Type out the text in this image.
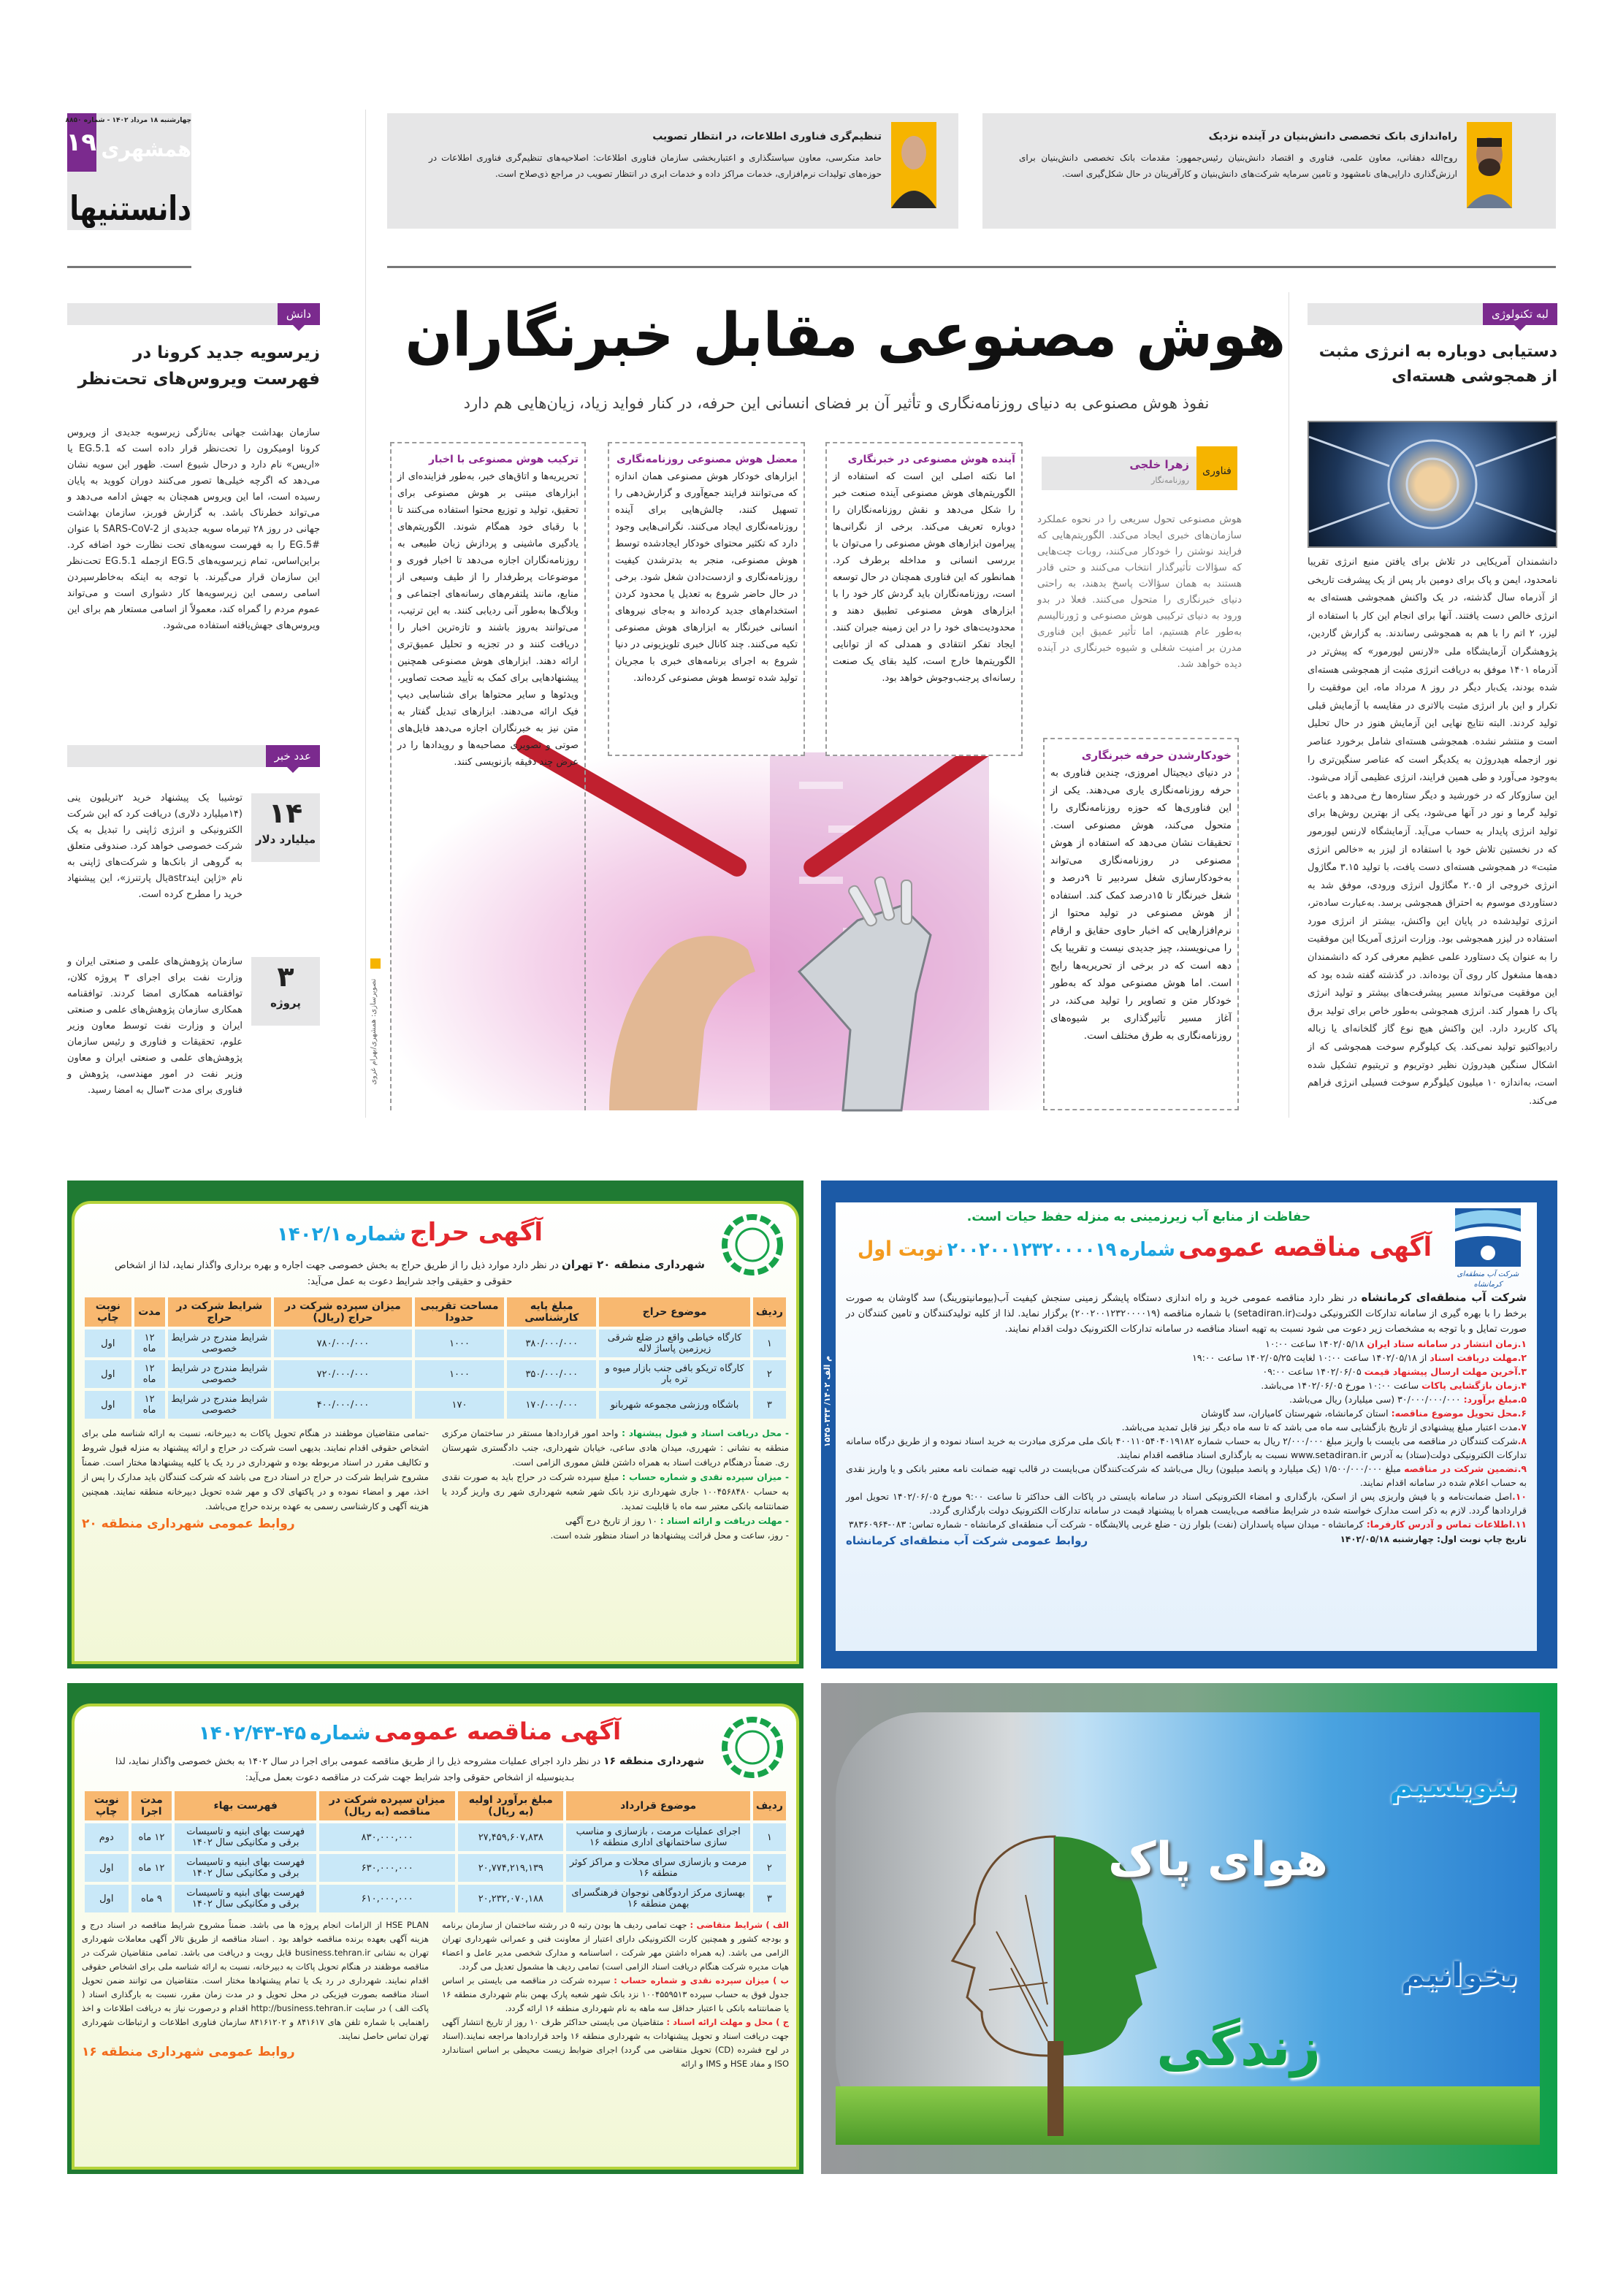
۱۹
چهارشنبه ۱۸ مرداد ۱۴۰۲ - شماره ۸۸۵۰
همشهری
دانستنیها
راه‌اندازی بانک تخصصی دانش‌بنیان در آینده نزدیک
روح‌الله دهقانی، معاون علمی، فناوری و اقتصاد دانش‌بنیان رئیس‌جمهور: مقدمات بانک تخصصی دانش‌بنیان برای ارزش‌گذاری دارایی‌های نامشهود و تامین سرمایه شرکت‌های دانش‌بنیان و کارآفرینان در حال شکل‌گیری است.
تنظیم‌گری فناوری اطلاعات، در انتظار تصویب
حامد منکرسی، معاون سیاستگذاری و اعتباربخشی سازمان فناوری اطلاعات: اصلاحیه‌های تنظیم‌گری فناوری اطلاعات در حوزه‌های تولیدات نرم‌افزاری، خدمات مراکز داده و خدمات ابری در انتظار تصویب در مراجع ذی‌صلاح است.
دانش
زیرسویه جدید کرونا در فهرست ویروس‌های تحت‌نظر
سازمان بهداشت جهانی به‌تازگی زیرسویه جدیدی از ویروس کرونا اومیکرون را تحت‌نظر قرار داده است که EG.5.1 یا «اریس» نام دارد و درحال شیوع است. ظهور این سویه نشان می‌دهد که اگرچه خیلی‌ها تصور می‌کنند دوران کووید به پایان رسیده است، اما این ویروس همچنان به جهش ادامه می‌دهد و می‌تواند خطرناک باشد. به گزارش فوربز، سازمان بهداشت جهانی در روز ۲۸ تیرماه سویه جدیدی از SARS-CoV-2 با عنوان EG.5# را به فهرست سویه‌های تحت نظارت خود اضافه کرد. براین‌اساس، تمام زیرسویه‌های EG.5 ازجمله EG.5.1 تحت‌نظر این سازمان قرار می‌گیرند. با توجه به اینکه به‌خاطرسپردن اسامی رسمی این زیرسویه‌ها کار دشواری است و می‌تواند عموم مردم را گمراه کند، معمولاً از اسامی مستعار هم برای این ویروس‌های جهش‌یافته استفاده می‌شود.
عدد خبر
۱۴
میلیارد دلار
توشیبا یک پیشنهاد خرید ۲تریلیون ینی (۱۴میلیارد دلاری) دریافت کرد که این شرکت الکترونیکی و انرژی ژاپنی را تبدیل به یک شرکت خصوصی خواهد کرد. صندوقی متعلق به گروهی از بانک‌ها و شرکت‌های ژاپنی به نام «ژاپن ایندastrیال پارتنرز»، این پیشنهاد خرید را مطرح کرده است.
۳
پروژه
سازمان پژوهش‌های علمی و صنعتی ایران و وزارت نفت برای اجرای ۳ پروژه کلان، توافقنامه همکاری امضا کردند. توافقنامه همکاری سازمان پژوهش‌های علمی و صنعتی ایران و وزارت نفت توسط معاون وزیر علوم، تحقیقات و فناوری و رئیس سازمان پژوهش‌های علمی و صنعتی ایران و معاون وزیر نفت در امور مهندسی، پژوهش و فناوری برای مدت ۳سال به امضا رسید.
هوش مصنوعی مقابل خبرنگاران
نفوذ هوش مصنوعی به دنیای روزنامه‌نگاری و تأثیر آن بر فضای انسانی این حرفه، در کنار فواید زیاد، زیان‌هایی هم دارد
فناوری
زهرا خلجی
روزنامه‌نگار
هوش مصنوعی تحول سریعی را در نحوه عملکرد سازمان‌های خبری ایجاد می‌کند. الگوریتم‌هایی که فرایند نوشتن را خودکار می‌کنند، روبات چت‌هایی که سؤالات تأثیرگذار انتخاب می‌کنند و حتی قادر هستند به همان سؤالات پاسخ بدهند، به راحتی دنیای خبرنگاری را متحول می‌کنند. فعلا در بدو ورود به دنیای ترکیبی هوش مصنوعی و ژورنالیسم به‌طور عام هستیم، اما تأثیر عمیق این فناوری مدرن بر امنیت شغلی و شیوه خبرنگاری در آینده دیده خواهد شد.
تصویرسازی: همشهری/بهرام غروی
آینده هوش مصنوعی در خبرنگاری
اما نکته اصلی این است که استفاده از الگوریتم‌های هوش مصنوعی آینده صنعت خبر را شکل می‌دهد و نقش روزنامه‌نگاران را دوباره تعریف می‌کند. برخی از نگرانی‌ها پیرامون ابزارهای هوش مصنوعی را می‌توان با بررسی انسانی و مداخله برطرف کرد. همانطور که این فناوری همچنان در حال توسعه است، روزنامه‌نگاران باید گردش کار خود را با ابزارهای هوش مصنوعی تطبیق دهند و محدودیت‌های خود را در این زمینه جبران کنند. ایجاد تفکر انتقادی و همدلی که از توانایی الگوریتم‌ها خارج است، کلید بقای یک صنعت رسانه‌ای پرجنب‌وجوش خواهد بود.
معضل هوش مصنوعی روزنامه‌نگاری
ابزارهای خودکار هوش مصنوعی همان اندازه که می‌توانند فرایند جمع‌آوری و گزارش‌دهی را تسهیل کنند، چالش‌هایی برای آینده روزنامه‌نگاری ایجاد می‌کنند. نگرانی‌هایی وجود دارد که تکثیر محتوای خودکار ایجادشده توسط هوش مصنوعی، منجر به بدترشدن کیفیت روزنامه‌نگاری و ازدست‌دادن شغل شود. برخی در حال حاضر شروع به تعدیل یا محدود کردن استخدام‌های جدید کرده‌اند و به‌جای نیروهای انسانی خبرنگار به ابزارهای هوش مصنوعی تکیه می‌کنند. چند کانال خبری تلویزیونی در دنیا شروع به اجرای برنامه‌های خبری با مجریان تولید شده توسط هوش مصنوعی کرده‌اند.
ترکیب هوش مصنوعی با اخبار
تحریریه‌ها و اتاق‌های خبر، به‌طور فزاینده‌ای از ابزارهای مبتنی بر هوش مصنوعی برای تحقیق، تولید و توزیع محتوا استفاده می‌کنند تا با رقبای خود همگام شوند. الگوریتم‌های یادگیری ماشینی و پردازش زبان طبیعی به روزنامه‌نگاران اجازه می‌دهد تا اخبار فوری و موضوعات پرطرفدار را از طیف وسیعی از منابع، مانند پلتفرم‌های رسانه‌های اجتماعی و وبلاگ‌ها به‌طور آنی ردیابی کنند. به این ترتیب، می‌توانند به‌روز باشند و تازه‌ترین اخبار را دریافت کنند و در تجزیه و تحلیل عمیق‌تری ارائه دهند. ابزارهای هوش مصنوعی همچنین پیشنهادهایی برای کمک به تأیید صحت تصاویر، ویدئوها و سایر محتواها برای شناسایی دیپ فیک ارائه می‌دهند. ابزارهای تبدیل گفتار به متن نیز به خبرنگاران اجازه می‌دهد فایل‌های صوتی و تصویری مصاحبه‌ها و رویدادها را در عرض چند دقیقه بازنویسی کنند.
خودکارشدن حرفه خبرنگاری
در دنیای دیجیتال امروزی، چندین فناوری به حرفه روزنامه‌نگاری یاری می‌دهند. یکی از این فناوری‌ها که حوزه روزنامه‌نگاری را متحول می‌کند، هوش مصنوعی است. تحقیقات نشان می‌دهد که استفاده از هوش مصنوعی در روزنامه‌نگاری می‌تواند به‌خودکارسازی شغل سردبیر تا ۹درصد و شغل خبرنگار تا ۱۵درصد کمک کند. استفاده از هوش مصنوعی در تولید محتوا از نرم‌افزارهایی که اخبار حاوی حقایق و ارقام را می‌نویسند، چیز جدیدی نیست و تقریبا یک دهه است که در برخی از تحریریه‌ها رایج است. اما هوش مصنوعی مولد که به‌طور خودکار متن و تصاویر را تولید می‌کند، در آغاز مسیر تأثیرگذاری بر شیوه‌های روزنامه‌نگاری به طرق مختلف است.
لبه تکنولوژی
دستیابی دوباره به انرژی مثبت از همجوشی هسته‌ای
دانشمندان آمریکایی در تلاش برای یافتن منبع انرژی تقریبا نامحدود، ایمن و پاک برای دومین بار پس از یک پیشرفت تاریخی از آذرماه سال گذشته، در یک واکنش همجوشی هسته‌ای به انرژی خالص دست یافتند. آنها برای انجام این کار با استفاده از لیزر، ۲ اتم را با هم به همجوشی رساندند. به گزارش گاردین، پژوهشگران آزمایشگاه ملی «لارنس لیورمور» که پیش‌تر در آذرماه ۱۴۰۱ موفق به دریافت انرژی مثبت از همجوشی هسته‌ای شده بودند، یک‌بار دیگر در روز ۸ مرداد ماه، این موفقیت را تکرار و این بار انرژی مثبت بالاتری در مقایسه با آزمایش قبلی تولید کردند. البته نتایج نهایی این آزمایش هنوز در حال تحلیل است و منتشر نشده. همجوشی هسته‌ای شامل برخورد عناصر نور ازجمله هیدروژن به یکدیگر است که عناصر سنگین‌تری را به‌وجود می‌آورد و طی همین فرایند، انرژی عظیمی آزاد می‌شود. این سازوکار که در خورشید و دیگر ستاره‌ها رخ می‌دهد و باعث تولید گرما و نور در آنها می‌شود، یکی از بهترین روش‌ها برای تولید انرژی پایدار به حساب می‌آید. آزمایشگاه لارنس لیورمور که در نخستین تلاش خود با استفاده از لیزر به «خالص انرژی مثبت» در همجوشی هسته‌ای دست یافت، با تولید ۳.۱۵ مگاژول انرژی خروجی از ۲.۰۵ مگاژول انرژی ورودی، موفق شد به دستاوردی موسوم به احتراق همجوشی برسد. به‌عبارت ساده‌تر، انرژی تولیدشده در پایان این واکنش، بیشتر از انرژی مورد استفاده در لیزر همجوشی بود. وزارت انرژی آمریکا این موفقیت را به عنوان یک دستاورد علمی عظیم معرفی کرد که دانشمندان دهه‌ها مشغول کار روی آن بوده‌اند. در گذشته گفته شده بود که این موفقیت می‌تواند مسیر پیشرفت‌های بیشتر و تولید انرژی پاک را هموار کند. انرژی همجوشی به‌طور خاص برای تولید برق پاک کاربرد دارد. این واکنش هیچ نوع گاز گلخانه‌ای یا زباله رادیواکتیو تولید نمی‌کند. یک کیلوگرم سوخت همجوشی که از اشکال سنگین هیدروژن نظیر دوتریوم و تریتیوم تشکیل شده است، به‌اندازه ۱۰ میلیون کیلوگرم سوخت فسیلی انرژی فراهم می‌کند.
م الف ۱۴۰۲/ ۱۵۴۵۰۳۴۳
شرکت آب منطقه‌ای کرمانشاه
حفاظت از منابع آب زیرزمینی به منزله حفظ حیات است.
آگهی مناقصه عمومی شماره ۲۰۰۲۰۰۱۲۳۲۰۰۰۰۱۹ نوبت اول
شرکت آب منطقه‌ای کرمانشاه در نظر دارد مناقصه عمومی خرید و راه اندازی دستگاه پایشگر زمینی سنجش کیفیت آب(بیومانیتورینگ) سد گاوشان به صورت برخط را با بهره گیری از سامانه تدارکات الکترونیکی دولت(setadiran.ir) با شماره مناقصه (۲۰۰۲۰۰۱۲۳۲۰۰۰۰۱۹) برگزار نماید. لذا از کلیه تولیدکنندگان و تامین کنندگان در صورت تمایل و با توجه به مشخصات زیر دعوت می شود نسبت به تهیه اسناد مناقصه در سامانه تدارکات الکترونیک دولت اقدام نمایند.
۱.زمان انتشار در سامانه ستاد ایران ۱۴۰۲/۰۵/۱۸ ساعت ۱۰:۰۰
۲.مهلت دریافت اسناد از ۱۴۰۲/۰۵/۱۸ ساعت ۱۰:۰۰ لغایت ۱۴۰۲/۰۵/۲۵ ساعت ۱۹:۰۰
۳.آخرین مهلت ارسال پیشنهاد قیمت ۱۴۰۲/۰۶/۰۵ ساعت ۰۹:۰۰
۴.زمان بازگشایی پاکات ساعت ۱۰:۰۰ مورخ ۱۴۰۲/۰۶/۰۵ می‌باشد.
۵.مبلغ برآورد: ۳۰/۰۰۰/۰۰۰/۰۰۰ (سی میلیارد) ریال می‌باشد.
۶.محل تحویل موضوع مناقصه: استان کرمانشاه، شهرستان کامیاران، سد گاوشان
۷.مدت اعتبار مبلغ پیشنهادی از تاریخ بازگشایی سه ماه می باشد که تا سه ماه دیگر نیز قابل تمدید می‌باشد.
۸.شرکت کنندگان در مناقصه می بایست با واریز مبلغ ۲/۰۰۰/۰۰۰ ریال به حساب شماره ۴۰۰۱۱۰۵۴۰۴۰۱۹۱۸۲ بانک ملی مرکزی مبادرت به خرید اسناد نموده و از طریق درگاه سامانه تدارکات الکترونیکی دولت(ستاد) به آدرس www.setadiran.ir نسبت به بارگذاری اسناد مناقصه اقدام نمایند.
۹.تضمین شرکت در مناقصه مبلغ ۱/۵۰۰/۰۰۰/۰۰۰ (یک میلیارد و پانصد میلیون) ریال می‌باشد که شرکت‌کنندگان می‌بایست در قالب تهیه ضمانت نامه معتبر بانکی و یا واریز نقدی به حساب اعلام شده در سامانه اقدام نمایند.
۱۰.اصل ضمانت‌نامه و یا فیش واریزی پس از اسکن، بارگذاری و امضاء الکترونیکی اسناد در سامانه بایستی در پاکات الف حداکثر تا ساعت ۹:۰۰ مورخ ۱۴۰۲/۰۶/۰۵ تحویل امور قراردادها گردد. لازم به ذکر است مدارک خواسته شده در شرایط مناقصه می‌بایست همراه با پیشنهاد قیمت در سامانه تدارکات الکترونیک دولت بارگذاری گردد.
۱۱.اطلاعات تماس و آدرس کارفرما: کرمانشاه - میدان سپاه پاسداران (نفت) بلوار زن - ضلع غربی پالایشگاه - شرکت آب منطقه‌ای کرمانشاه - شماره تماس: ۰۸۳-۳۸۳۶۰۹۶۴
تاریخ چاپ نوبت اول: چهارشنبه ۱۴۰۲/۰۵/۱۸
روابط عمومی شرکت آب منطقه‌ای کرمانشاه
آگهی حراج شماره ۱۴۰۲/۱
شهرداری منطقه ۲۰ تهران در نظر دارد موارد ذیل را از طریق حراج به بخش خصوصی جهت اجاره و بهره برداری واگذار نماید، لذا از اشخاص حقوقی و حقیقی واجد شرایط دعوت به عمل می‌آید:
ردیف	موضوع حراج	مبلغ پایه کارشناسی	مساحت تقریبی حدودا	میزان سپرده شرکت در حراج (ریال)	شرایط شرکت در حراج	مدت	نوبت چاپ
۱	کارگاه خیاطی واقع در ضلع شرقی زیرزمین پاساژ لاله	۳۸۰/۰۰۰/۰۰۰	۱۰۰۰	۷۸۰/۰۰۰/۰۰۰	شرایط مندرج در شرایط خصوصی	۱۲ ماه	اول
۲	کارگاه تریکو بافی جنب بازار میوه و تره بار	۳۵۰/۰۰۰/۰۰۰	۱۰۰۰	۷۲۰/۰۰۰/۰۰۰	شرایط مندرج در شرایط خصوصی	۱۲ ماه	اول
۳	باشگاه ورزشی مجموعه شهربانو	۱۷۰/۰۰۰/۰۰۰	۱۷۰	۴۰۰/۰۰۰/۰۰۰	شرایط مندرج در شرایط خصوصی	۱۲ ماه	اول
- محل دریافت اسناد و قبول پیشنهاد : واحد امور قراردادها مستقر در ساختمان مرکزی منطقه به نشانی : شهرری، میدان هادی ساعی، خیابان شهرداری، جنب دادگستری شهرستان ری. ضمناً درهنگام دریافت اسناد به همراه داشتن فلش مموری الزامی است.
- میزان سپرده نقدی و شماره حساب : مبلغ سپرده شرکت در حراج باید به صورت نقدی به حساب ۱۰۰۴۵۶۸۴۸۰ جاری شهرداری نزد بانک شهر شعبه شهرداری شهر ری واریز گردد یا ضمانتنامه بانکی معتبر سه ماه با قابلیت تمدید.
- مهلت دریافت و ارائه اسناد : ۱۰ روز از تاریخ درج آگهی
- روز، ساعت و محل قرائت پیشنهادها در اسناد منظور شده است.
-تمامی متقاضیان موظفند در هنگام تحویل پاکات به دبیرخانه، نسبت به ارائه شناسه ملی برای اشخاص حقوقی اقدام نمایند. بدیهی است شرکت در حراج و ارائه پیشنهاد به منزله قبول شروط و تکالیف مقرر در اسناد مربوطه بوده و شهرداری در رد یک یا کلیه پیشنهادها مختار است. ضمناً مشروح شرایط شرکت در حراج در اسناد درج می باشد که شرکت کنندگان باید مدارک را پس از اخذ، مهر و امضاء نموده و در پاکتهای لاک و مهر شده تحویل دبیرخانه منطقه نمایند. همچنین هزینه آگهی و کارشناسی رسمی به عهده برنده حراج می‌باشد.
روابط عمومی شهرداری منطقه ۲۰
آگهی مناقصه عمومی شماره ۴۵-۱۴۰۲/۴۳
شهرداری منطقه ۱۶ در نظر دارد اجرای عملیات مشروحه ذیل را از طریق مناقصه عمومی برای اجرا در سال ۱۴۰۲ به بخش خصوصی واگذار نماید، لذا بـدینوسیله از اشخاص حقوقی واجد شرایط جهت شرکت در مناقصه دعوت بعمل می‌آید:
ردیف	موضوع قرارداد	مبلغ برآورد اولیه (به ریال)	میزان سپرده شرکت در مناقصه (به ریال)	فهرست بهاء	مدت اجرا	نوبت چاپ
۱	اجرای عملیات مرمت ، بازسازی و مناسب سازی ساختمانهای اداری منطقه ۱۶	۲۷,۴۵۹,۶۰۷,۸۳۸	۸۳۰,۰۰۰,۰۰۰	فهرست بهای ابنیه و تاسیسات برقی و مکانیکی سال ۱۴۰۲	۱۲ ماه	دوم
۲	مرمت و بازسازی سرای محلات و مراکز کوثر منطقه ۱۶	۲۰,۷۷۴,۲۱۹,۱۳۹	۶۳۰,۰۰۰,۰۰۰	فهرست بهای ابنیه و تاسیسات برقی و مکانیکی سال ۱۴۰۲	۱۲ ماه	اول
۳	بهسازی مرکز اردوگاهی نوجوان فرهنگسرای بهمن منطقه ۱۶	۲۰,۲۳۲,۰۷۰,۱۸۸	۶۱۰,۰۰۰,۰۰۰	فهرست بهای ابنیه و تاسیسات برقی و مکانیکی سال ۱۴۰۲	۹ ماه	اول
الف ) شرایط متقاضی : جهت تمامی ردیف ها بودن رتبه ۵ در رشته ساختمان از سازمان برنامه و بودجه کشور و همچنین کارت الکترونیکی دارای اعتبار از معاونت فنی و عمرانی شهرداری تهران الزامی می باشد. (به همراه داشتن مهر شرکت ، اساسنامه و مدارک شخصی مدیر عامل و اعضاء هیات مدیره شرکت هنگام دریافت اسناد الزامی است) تمامی ردیف ها مشمول تعدیل می گردد.
ب ) میزان سپرده نقدی و شماره حساب : سپرده شرکت در مناقصه می بایستی بر اساس جدول فوق به حساب سپرده ۱۰۰۴۵۵۹۵۱۳ نزد بانک شهر شعبه پارک بهمن بنام شهرداری منطقه ۱۶ یا ضمانتنامه بانکی با اعتبار حداقل سه ماهه به نام شهرداری منطقه ۱۶ ارائه گردد.
ج ) محل و مهلت ارائه اسناد : متقاضیان می بایستی حداکثر ظرف ۱۰ روز از تاریخ انتشار آگهی جهت دریافت اسناد و تحویل پیشنهادات به شهرداری منطقه ۱۶ واحد قراردادها مراجعه نمایند.(اسناد در لوح فشرده (CD) تحویل متقاضی می گردد) اجرای ضوابط زیست محیطی بر اساس استاندارد ISO و مفاد HSE و IMS و ارائه
HSE PLAN از الزامات انجام پروژه ها می باشد. ضمناً مشروح شرایط مناقصه در اسناد درج و هزینه آگهی بعهده برنده مناقصه خواهد بود . اسناد مناقصه از طریق تالار آگهی معاملات شهرداری تهران به نشانی business.tehran.ir قابل رویت و دریافت می باشد. تمامی متقاضیان شرکت در مناقصه موظفند در هنگام تحویل پاکات به دبیرخانه، نسبت به ارائه شناسه ملی برای اشخاص حقوقی اقدام نمایند. شهرداری در رد یک یا تمام پیشنهادها مختار است. متقاضیان می توانند ضمن تحویل اسناد مناقصه بصورت فیزیکی در محل تحویل و در مدت زمان مقرر، نسبت به بارگذاری اسناد ( پاکت الف ) در سایت http://business.tehran.ir اقدام و درصورت نیاز به دریافت اطلاعات و اخذ راهنمایی با شماره تلفن های ۸۴۱۶۱۷ و ۸۴۱۶۱۲۰۲ سازمان فناوری اطلاعات و ارتباطات شهرداری تهران تماس حاصل نمایند.
روابط عمومی شهرداری منطقه ۱۶
بنویسیم
هوای پاک
بخوانیم
زندگی
